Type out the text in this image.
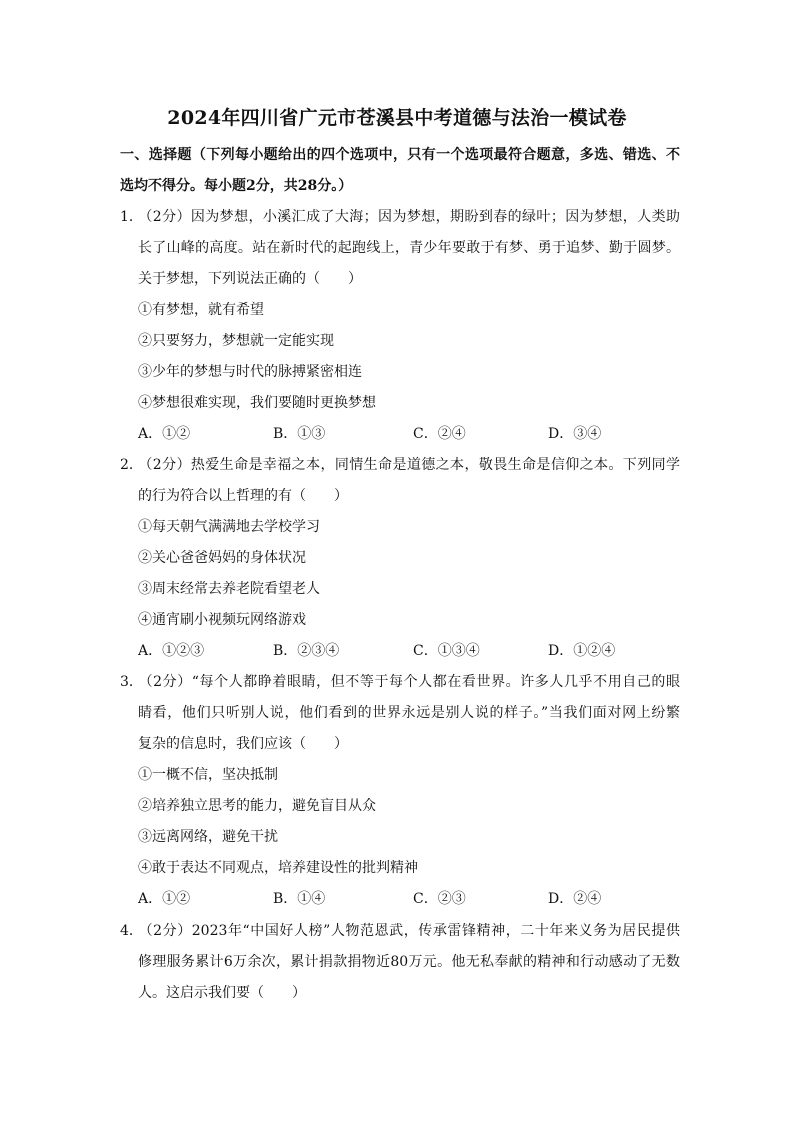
2024年四川省广元市苍溪县中考道德与法治一模试卷
一、选择题（下列每小题给出的四个选项中，只有一个选项最符合题意，多选、错选、不
选均不得分。每小题2分，共28分。）
1．（2分）因为梦想，小溪汇成了大海；因为梦想，期盼到春的绿叶；因为梦想，人类助
长了山峰的高度。站在新时代的起跑线上，青少年要敢于有梦、勇于追梦、勤于圆梦。
关于梦想，下列说法正确的（　　）
①有梦想，就有希望
②只要努力，梦想就一定能实现
③少年的梦想与时代的脉搏紧密相连
④梦想很难实现，我们要随时更换梦想
A．①②	B．①③	C．②④	D．③④
2．（2分）热爱生命是幸福之本，同情生命是道德之本，敬畏生命是信仰之本。下列同学
的行为符合以上哲理的有（　　）
①每天朝气满满地去学校学习
②关心爸爸妈妈的身体状况
③周末经常去养老院看望老人
④通宵刷小视频玩网络游戏
A．①②③	B．②③④	C．①③④	D．①②④
3．（2分）“每个人都睁着眼睛，但不等于每个人都在看世界。许多人几乎不用自己的眼
睛看，他们只听别人说，他们看到的世界永远是别人说的样子。”当我们面对网上纷繁
复杂的信息时，我们应该（　　）
①一概不信，坚决抵制
②培养独立思考的能力，避免盲目从众
③远离网络，避免干扰
④敢于表达不同观点，培养建设性的批判精神
A．①②	B．①④	C．②③	D．②④
4．（2分）2023年“中国好人榜”人物范恩武，传承雷锋精神，二十年来义务为居民提供
修理服务累计6万余次，累计捐款捐物近80万元。他无私奉献的精神和行动感动了无数
人。这启示我们要（　　）
